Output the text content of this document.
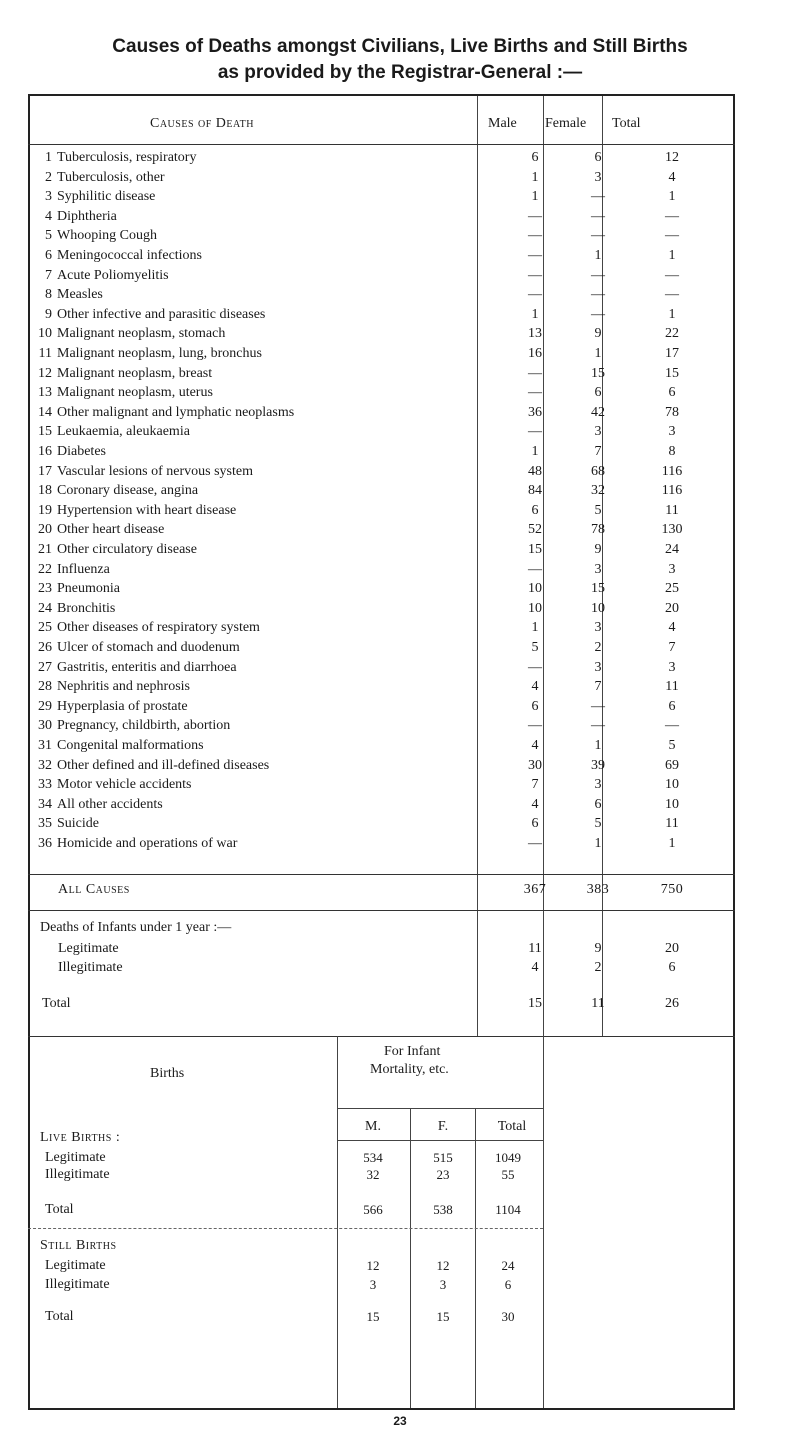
Causes of Deaths amongst Civilians, Live Births and Still Births
as provided by the Registrar-General :—
Causes of Death	Male Female Total
1 Tuberculosis, respiratory	6	6	12
2 Tuberculosis, other	1	3	4
3 Syphilitic disease	1	—	1
4 Diphtheria	—	—	—
5 Whooping Cough	—	—	—
6 Meningococcal infections	—	1	1
7 Acute Poliomyelitis	—	—	—
8 Measles	—	—	—
9 Other infective and parasitic diseases	1	—	1
10 Malignant neoplasm, stomach	13	9	22
11 Malignant neoplasm, lung, bronchus	16	1	17
12 Malignant neoplasm, breast	—	15	15
13 Malignant neoplasm, uterus	—	6	6
14 Other malignant and lymphatic neoplasms	36	42	78
15 Leukaemia, aleukaemia	—	3	3
16 Diabetes	1	7	8
17 Vascular lesions of nervous system	48	68	116
18 Coronary disease, angina	84	32	116
19 Hypertension with heart disease	6	5	11
20 Other heart disease	52	78	130
21 Other circulatory disease	15	9	24
22 Influenza	—	3	3
23 Pneumonia	10	15	25
24 Bronchitis	10	10	20
25 Other diseases of respiratory system	1	3	4
26 Ulcer of stomach and duodenum	5	2	7
27 Gastritis, enteritis and diarrhoea	—	3	3
28 Nephritis and nephrosis	4	7	11
29 Hyperplasia of prostate	6	—	6
30 Pregnancy, childbirth, abortion	—	—	—
31 Congenital malformations	4	1	5
32 Other defined and ill-defined diseases	30	39	69
33 Motor vehicle accidents	7	3	10
34 All other accidents	4	6	10
35 Suicide	6	5	11
36 Homicide and operations of war	—	1	1
All Causes	367	383	750
Deaths of Infants under 1 year :—
Legitimate	11	9	20
Illegitimate	4	2	6
Total	15	11	26
Births
For Infant
Mortality, etc.
M.	F.	Total
Live Births :
Legitimate	534	515	1049
Illegitimate	32	23	55
Total	566	538	1104
Still Births
Legitimate	12	12	24
Illegitimate	3	3	6
Total	15	15	30
23
